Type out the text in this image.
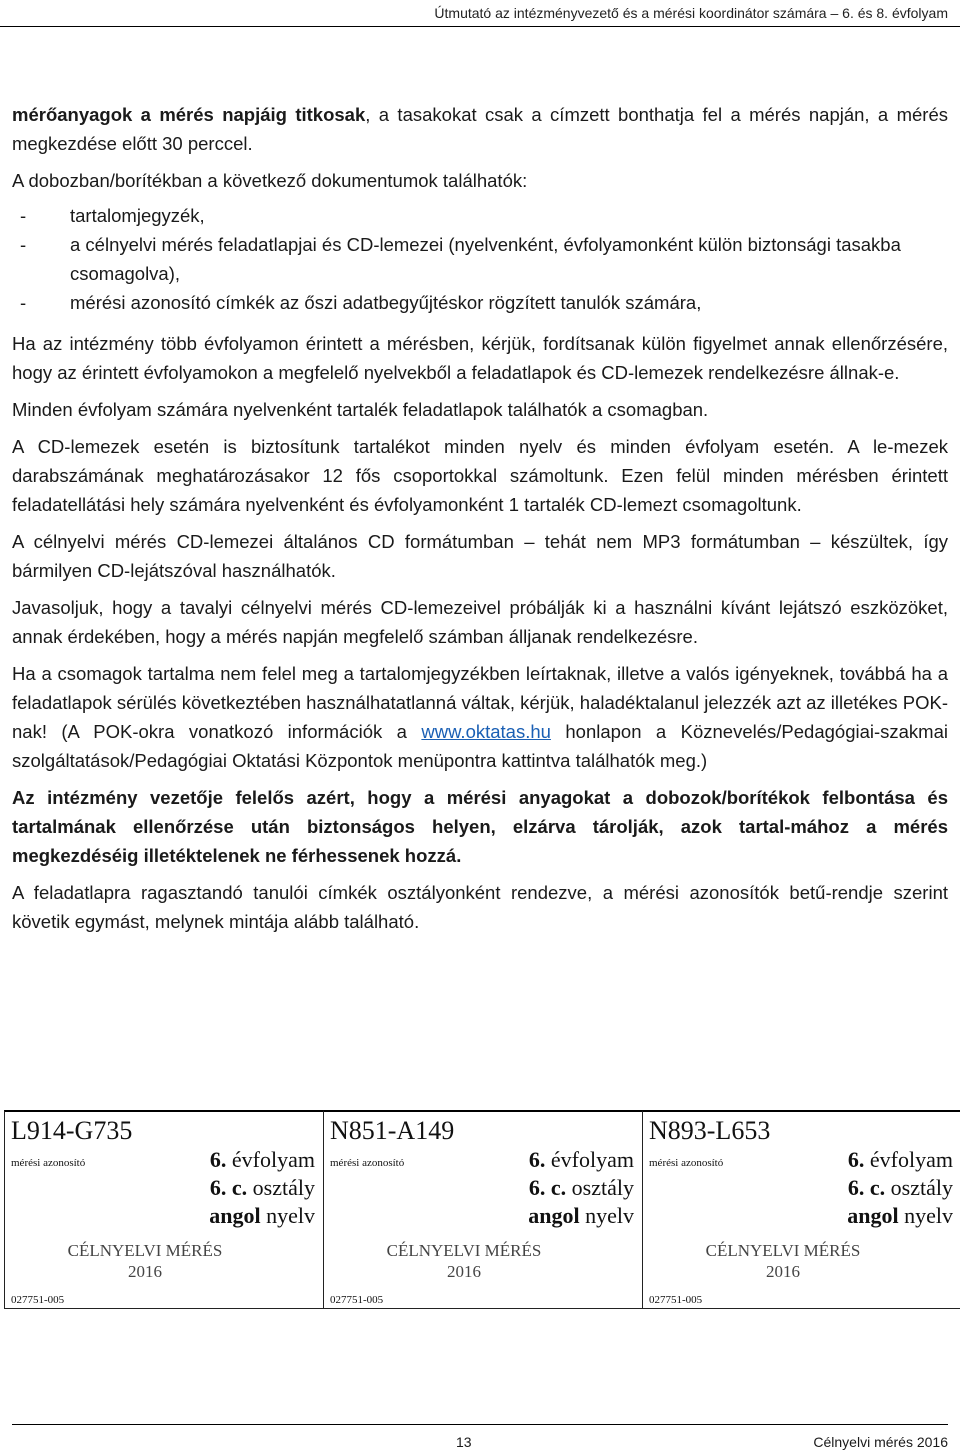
Útmutató az intézményvezető és a mérési koordinátor számára – 6. és 8. évfolyam

mérőanyagok a mérés napjáig titkosak, a tasakokat csak a címzett bonthatja fel a mérés napján, a mérés megkezdése előtt 30 perccel.

A dobozban/borítékban a következő dokumentumok találhatók:

- tartalomjegyzék,
- a célnyelvi mérés feladatlapjai és CD-lemezei (nyelvenként, évfolyamonként külön biztonsági tasakba csomagolva),
- mérési azonosító címkék az őszi adatbegyűjtéskor rögzített tanulók számára,

Ha az intézmény több évfolyamon érintett a mérésben, kérjük, fordítsanak külön figyelmet annak ellenőrzésére, hogy az érintett évfolyamokon a megfelelő nyelvekből a feladatlapok és CD-lemezek rendelkezésre állnak-e.

Minden évfolyam számára nyelvenként tartalék feladatlapok találhatók a csomagban.

A CD-lemezek esetén is biztosítunk tartalékot minden nyelv és minden évfolyam esetén. A le-mezek darabszámának meghatározásakor 12 fős csoportokkal számoltunk. Ezen felül minden mérésben érintett feladatellátási hely számára nyelvenként és évfolyamonként 1 tartalék CD-lemezt csomagoltunk.

A célnyelvi mérés CD-lemezei általános CD formátumban – tehát nem MP3 formátumban – készültek, így bármilyen CD-lejátszóval használhatók.

Javasoljuk, hogy a tavalyi célnyelvi mérés CD-lemezeivel próbálják ki a használni kívánt lejátszó eszközöket, annak érdekében, hogy a mérés napján megfelelő számban álljanak rendelkezésre.

Ha a csomagok tartalma nem felel meg a tartalomjegyzékben leírtaknak, illetve a valós igényeknek, továbbá ha a feladatlapok sérülés következtében használhatatlanná váltak, kérjük, haladéktalanul jelezzék azt az illetékes POK-nak! (A POK-okra vonatkozó információk a www.oktatas.hu honlapon a Köznevelés/Pedagógiai-szakmai szolgáltatások/Pedagógiai Oktatási Központok menüpontra kattintva találhatók meg.)

Az intézmény vezetője felelős azért, hogy a mérési anyagokat a dobozok/borítékok felbontása és tartalmának ellenőrzése után biztonságos helyen, elzárva tárolják, azok tartal-mához a mérés megkezdéséig illetéktelenek ne férhessenek hozzá.

A feladatlapra ragasztandó tanulói címkék osztályonként rendezve, a mérési azonosítók betű-rendje szerint követik egymást, melynek mintája alább található.

L914-G735
mérési azonosító	6. évfolyam
6. c. osztály
angol nyelv
CÉLNYELVI MÉRÉS
2016
027751-005
N851-A149
mérési azonosító	6. évfolyam
6. c. osztály
angol nyelv
CÉLNYELVI MÉRÉS
2016
027751-005
N893-L653
mérési azonosító	6. évfolyam
6. c. osztály
angol nyelv
CÉLNYELVI MÉRÉS
2016
027751-005
13	Célnyelvi mérés 2016
